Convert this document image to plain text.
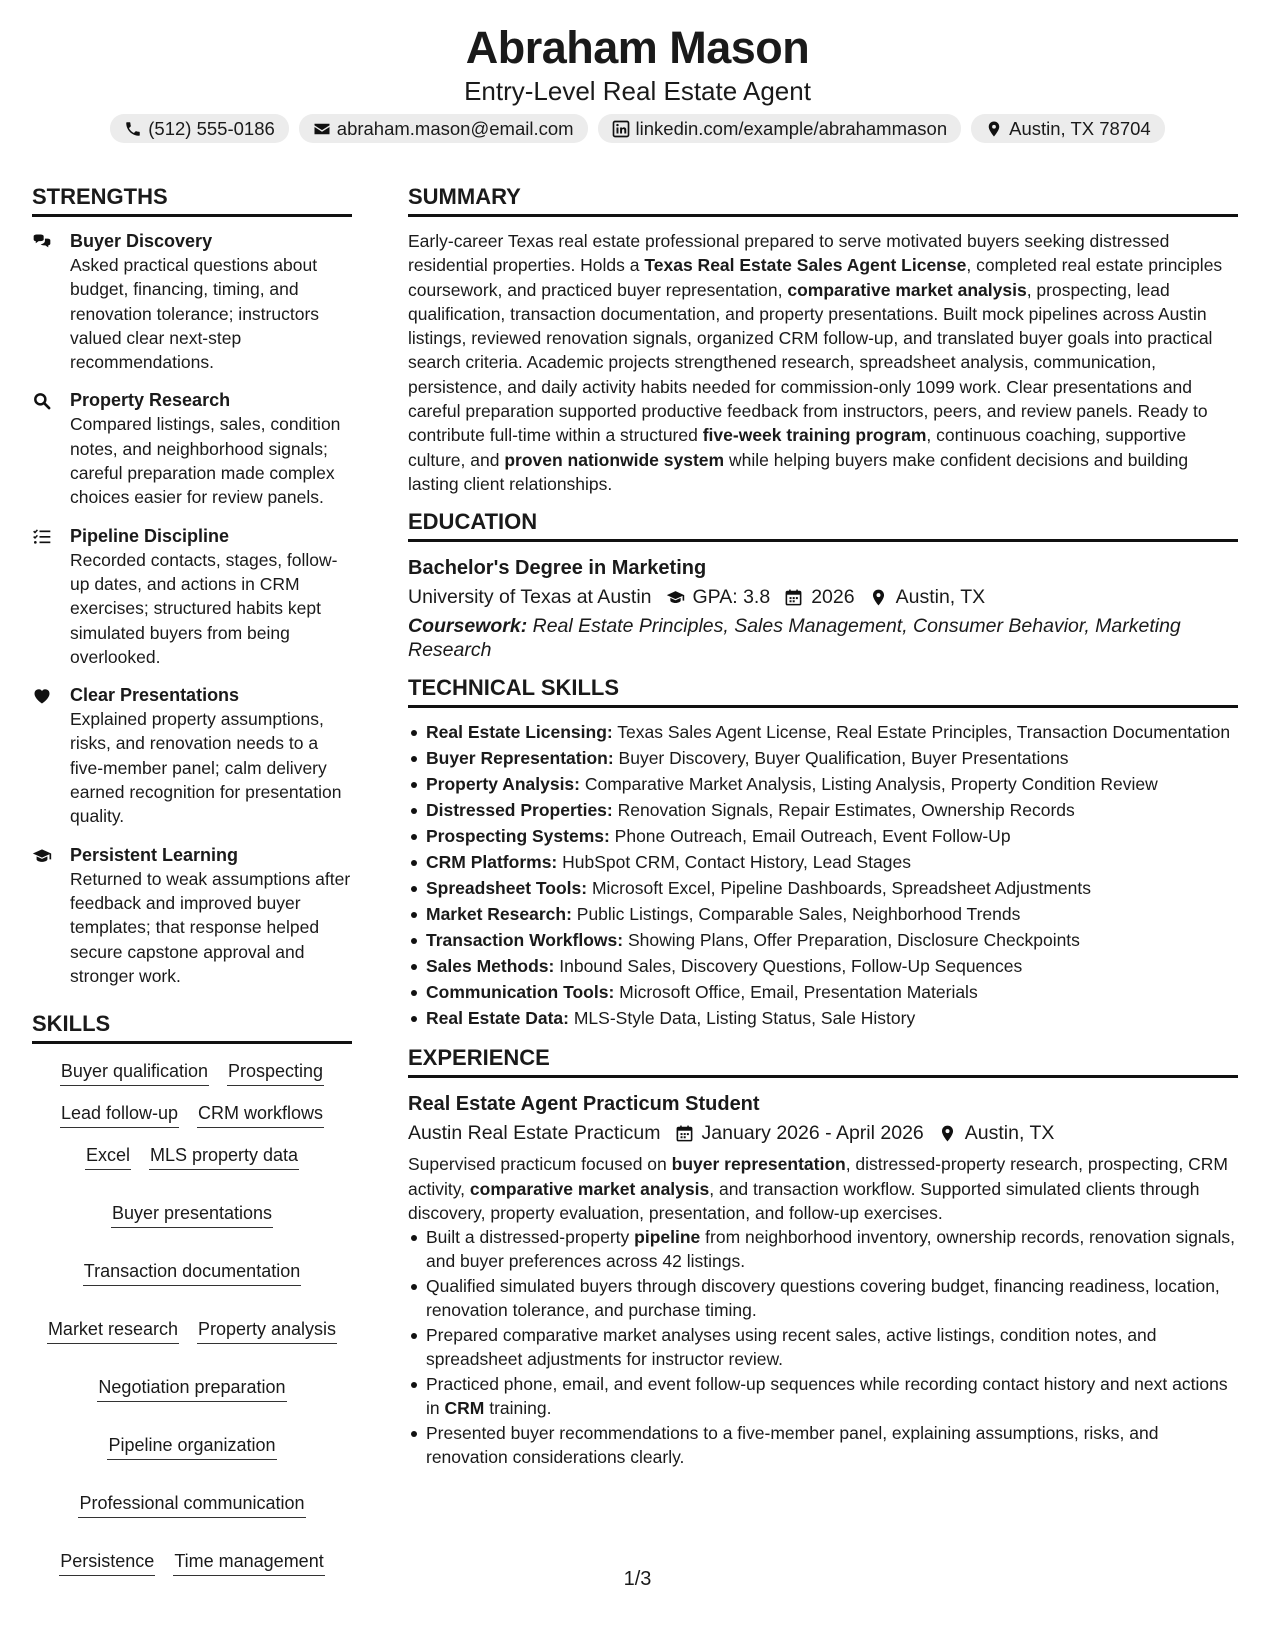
Abraham Mason
Entry-Level Real Estate Agent
(512) 555-0186	abraham.mason@email.com	linkedin.com/example/abrahammason	Austin, TX 78704
STRENGTHS
Buyer Discovery
Asked practical questions about budget, financing, timing, and renovation tolerance; instructors valued clear next-step recommendations.
Property Research
Compared listings, sales, condition notes, and neighborhood signals; careful preparation made complex choices easier for review panels.
Pipeline Discipline
Recorded contacts, stages, follow-up dates, and actions in CRM exercises; structured habits kept simulated buyers from being overlooked.
Clear Presentations
Explained property assumptions, risks, and renovation needs to a five-member panel; calm delivery earned recognition for presentation quality.
Persistent Learning
Returned to weak assumptions after feedback and improved buyer templates; that response helped secure capstone approval and stronger work.
SKILLS
Buyer qualification Prospecting
Lead follow-up CRM workflows
Excel MLS property data
Buyer presentations
Transaction documentation
Market research Property analysis
Negotiation preparation
Pipeline organization
Professional communication
Persistence Time management
SUMMARY

Early-career Texas real estate professional prepared to serve motivated buyers seeking distressed residential properties. Holds a Texas Real Estate Sales Agent License, completed real estate principles coursework, and practiced buyer representation, comparative market analysis, prospecting, lead qualification, transaction documentation, and property presentations. Built mock pipelines across Austin listings, reviewed renovation signals, organized CRM follow-up, and translated buyer goals into practical search criteria. Academic projects strengthened research, spreadsheet analysis, communication, persistence, and daily activity habits needed for commission-only 1099 work. Clear presentations and careful preparation supported productive feedback from instructors, peers, and review panels. Ready to contribute full-time within a structured five-week training program, continuous coaching, supportive culture, and proven nationwide system while helping buyers make confident decisions and building lasting client relationships.

EDUCATION
Bachelor's Degree in Marketing
University of Texas at Austin GPA: 3.8 2026 Austin, TX
Coursework: Real Estate Principles, Sales Management, Consumer Behavior, Marketing Research
TECHNICAL SKILLS
Real Estate Licensing: Texas Sales Agent License, Real Estate Principles, Transaction Documentation
Buyer Representation: Buyer Discovery, Buyer Qualification, Buyer Presentations
Property Analysis: Comparative Market Analysis, Listing Analysis, Property Condition Review
Distressed Properties: Renovation Signals, Repair Estimates, Ownership Records
Prospecting Systems: Phone Outreach, Email Outreach, Event Follow-Up
CRM Platforms: HubSpot CRM, Contact History, Lead Stages
Spreadsheet Tools: Microsoft Excel, Pipeline Dashboards, Spreadsheet Adjustments
Market Research: Public Listings, Comparable Sales, Neighborhood Trends
Transaction Workflows: Showing Plans, Offer Preparation, Disclosure Checkpoints
Sales Methods: Inbound Sales, Discovery Questions, Follow-Up Sequences
Communication Tools: Microsoft Office, Email, Presentation Materials
Real Estate Data: MLS-Style Data, Listing Status, Sale History
EXPERIENCE
Real Estate Agent Practicum Student
Austin Real Estate Practicum January 2026 - April 2026 Austin, TX

Supervised practicum focused on buyer representation, distressed-property research, prospecting, CRM activity, comparative market analysis, and transaction workflow. Supported simulated clients through discovery, property evaluation, presentation, and follow-up exercises.

Built a distressed-property pipeline from neighborhood inventory, ownership records, renovation signals, and buyer preferences across 42 listings.
Qualified simulated buyers through discovery questions covering budget, financing readiness, location, renovation tolerance, and purchase timing.
Prepared comparative market analyses using recent sales, active listings, condition notes, and spreadsheet adjustments for instructor review.
Practiced phone, email, and event follow-up sequences while recording contact history and next actions in CRM training.
Presented buyer recommendations to a five-member panel, explaining assumptions, risks, and renovation considerations clearly.
1/3
